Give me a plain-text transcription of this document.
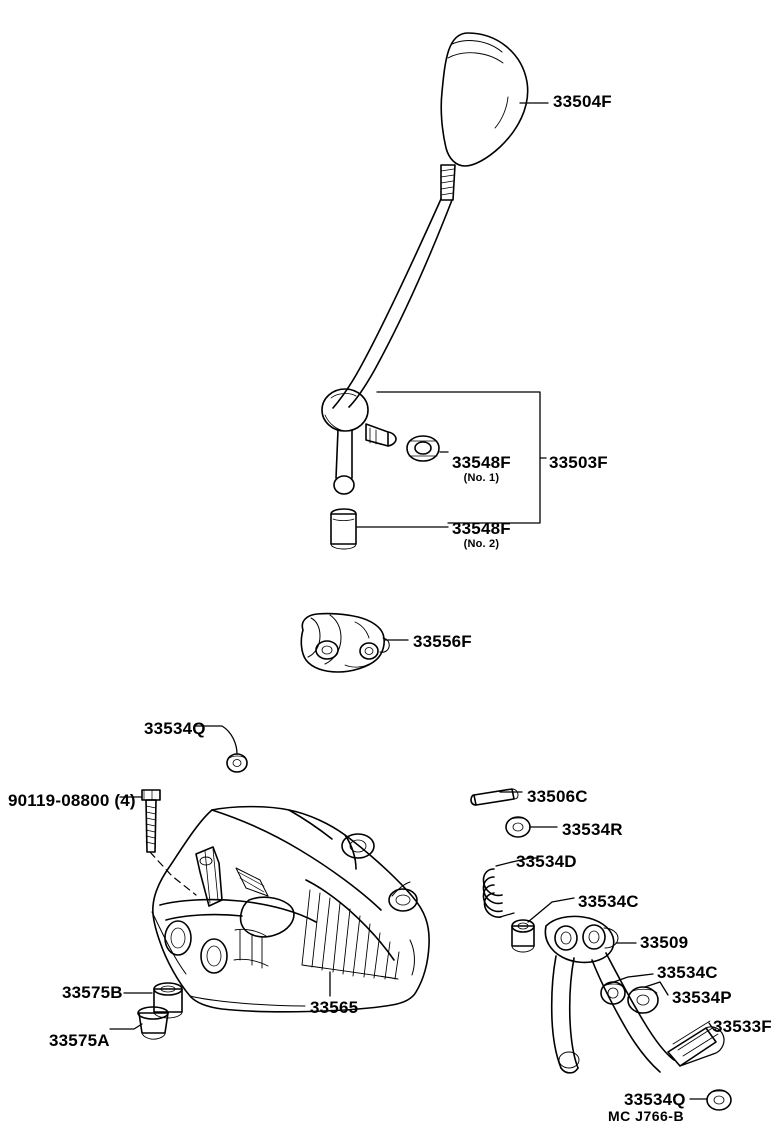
33504F
33548F
(No. 1)
33503F
33548F
(No. 2)
33556F
33534Q
90119-08800 (4)	33506C
33534R
33534D
33534C
33509
33534C
33534P
33533F
33534Q
33575B
33575A
33565
MC J766-B
